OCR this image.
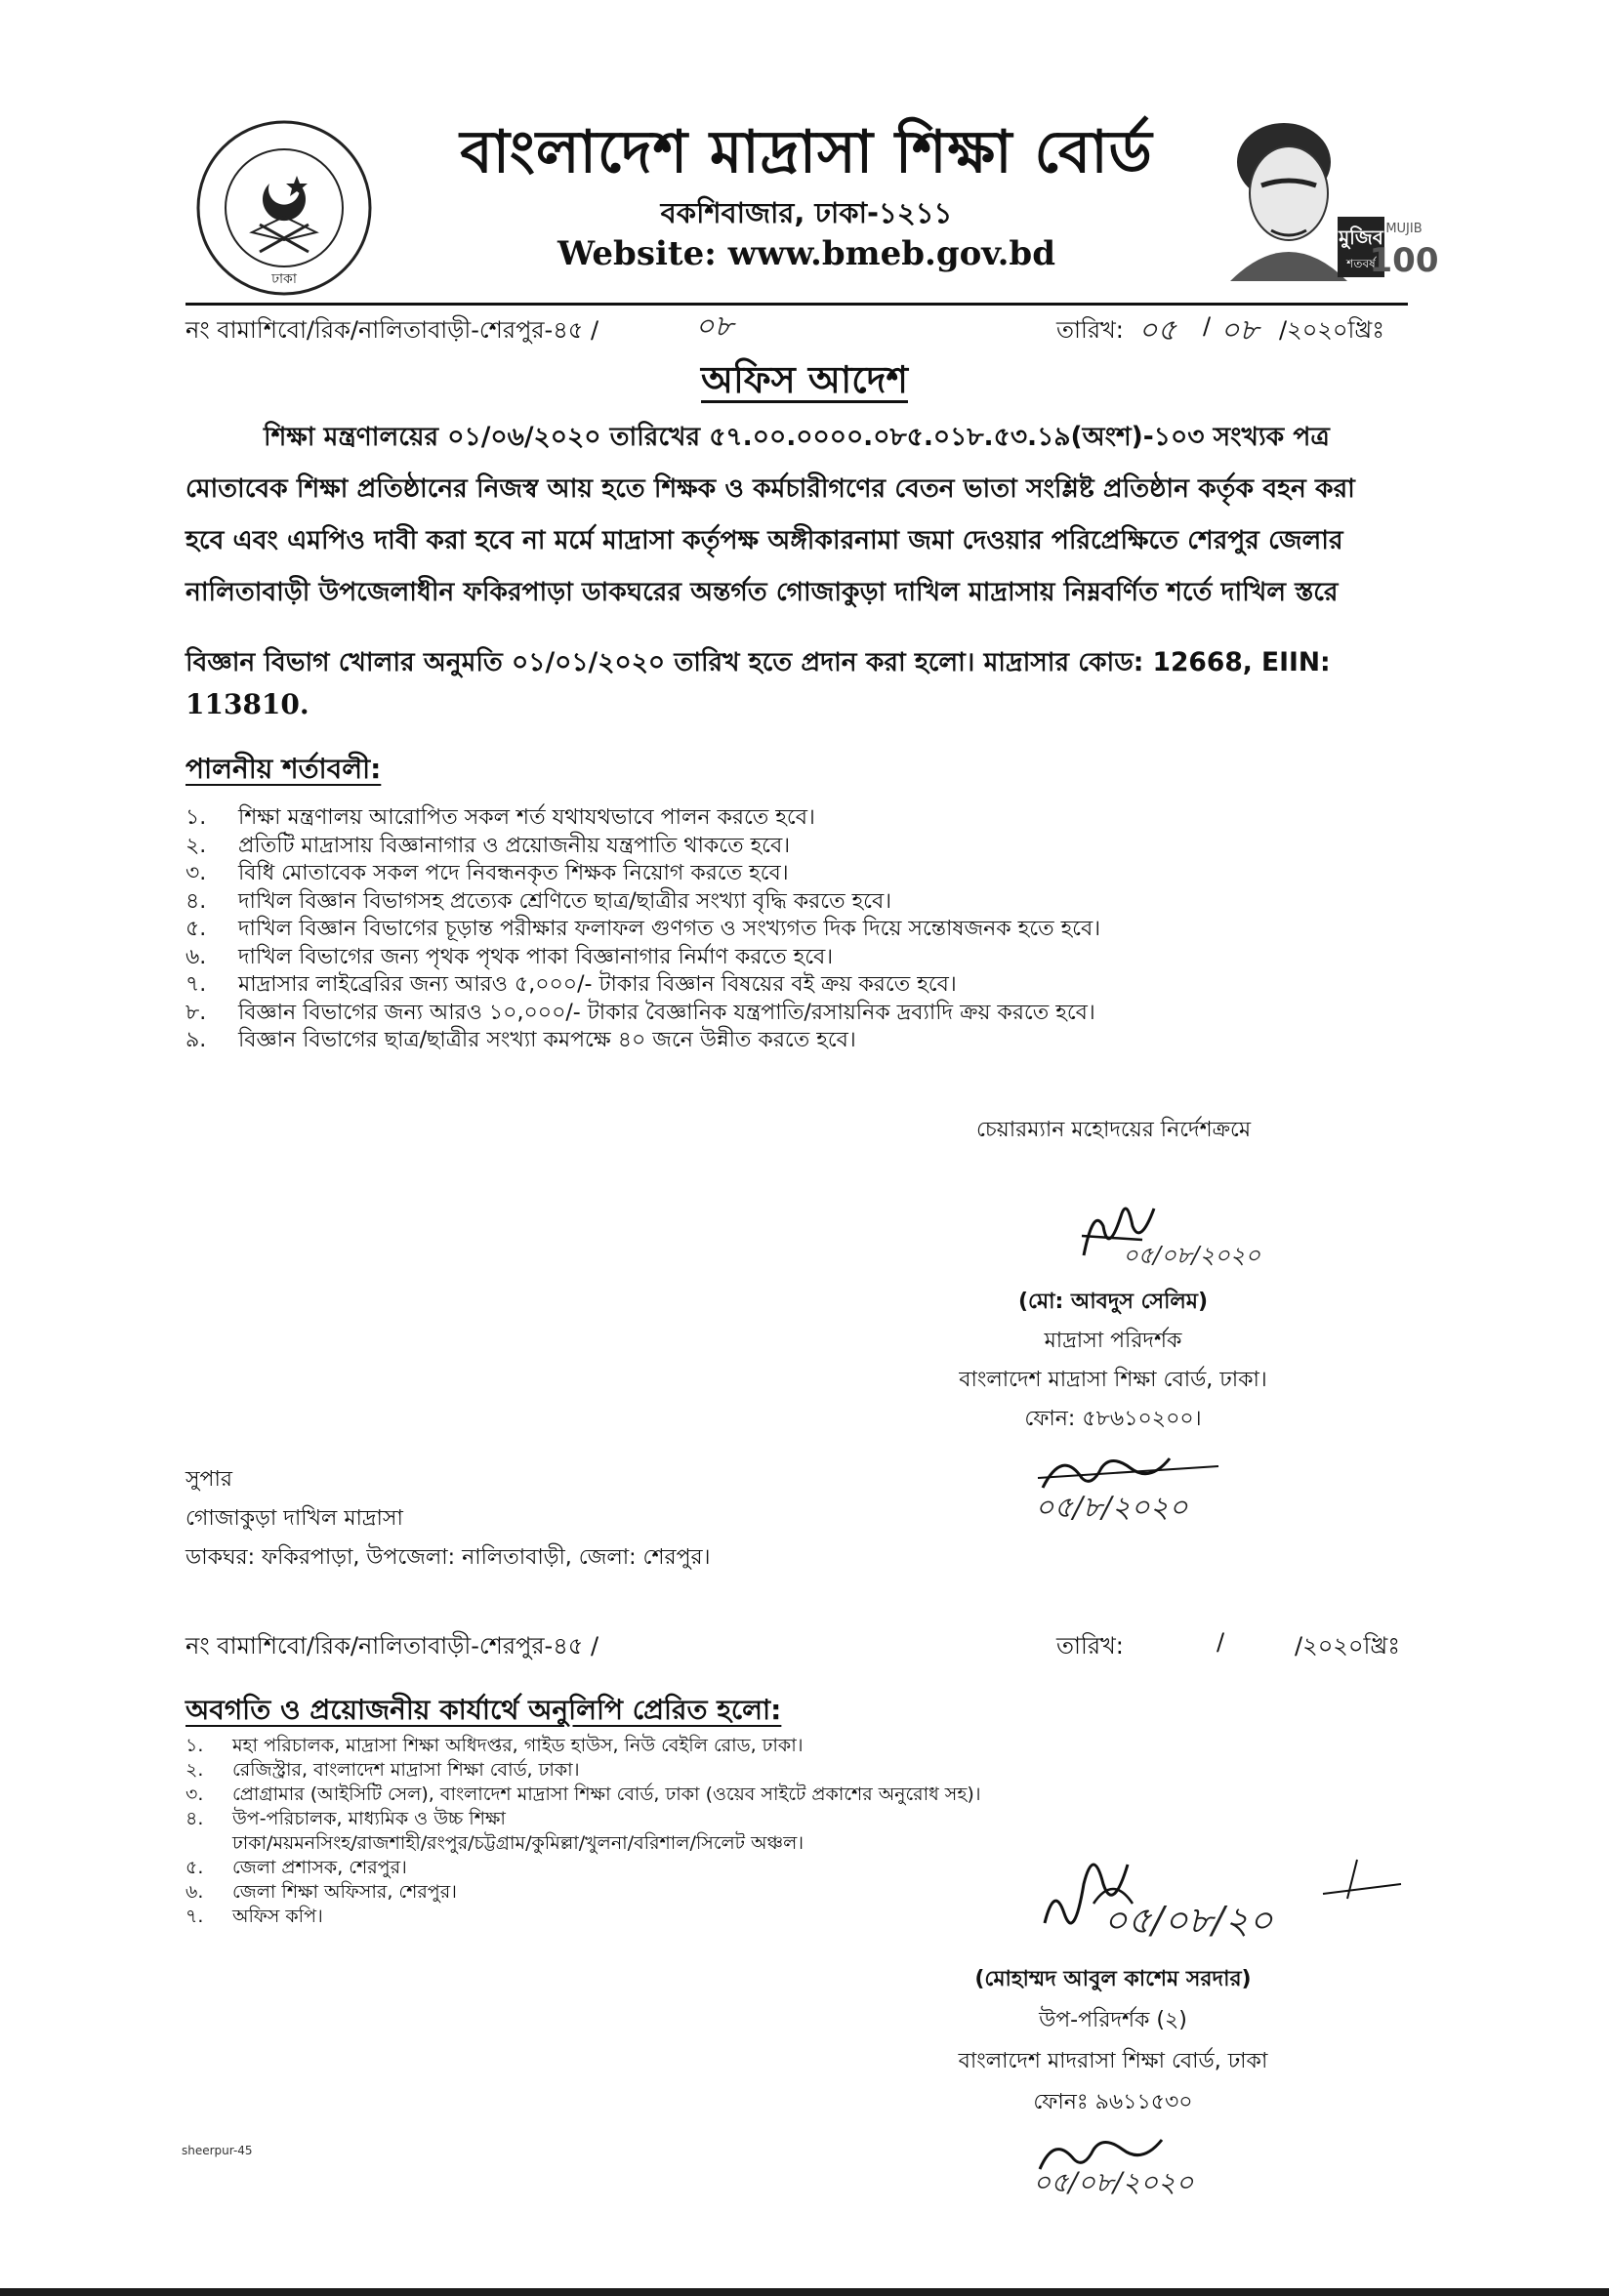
ঢাকা
বাংলাদেশ মাদ্রাসা শিক্ষা বোর্ড
বকশিবাজার, ঢাকা-১২১১
Website: www.bmeb.gov.bd	মুজিব
শতবর্ষ
MUJIB
100
নং বামাশিবো/রিক/নালিতাবাড়ী-শেরপুর-৪৫ /	০৮	তারিখ: ০৫ / ০৮ /২০২০খ্রিঃ
অফিস আদেশ
শিক্ষা মন্ত্রণালয়ের ০১/০৬/২০২০ তারিখের ৫৭.০০.০০০০.০৮৫.০১৮.৫৩.১৯(অংশ)-১০৩ সংখ্যক পত্র
মোতাবেক শিক্ষা প্রতিষ্ঠানের নিজস্ব আয় হতে শিক্ষক ও কর্মচারীগণের বেতন ভাতা সংশ্লিষ্ট প্রতিষ্ঠান কর্তৃক বহন করা
হবে এবং এমপিও দাবী করা হবে না মর্মে মাদ্রাসা কর্তৃপক্ষ অঙ্গীকারনামা জমা দেওয়ার পরিপ্রেক্ষিতে শেরপুর জেলার
নালিতাবাড়ী উপজেলাধীন ফকিরপাড়া ডাকঘরের অন্তর্গত গোজাকুড়া দাখিল মাদ্রাসায় নিম্নবর্ণিত শর্তে দাখিল স্তরে
বিজ্ঞান বিভাগ খোলার অনুমতি ০১/০১/২০২০ তারিখ হতে প্রদান করা হলো। মাদ্রাসার কোড: 12668, EIIN:
113810.
পালনীয় শর্তাবলী:
১. শিক্ষা মন্ত্রণালয় আরোপিত সকল শর্ত যথাযথভাবে পালন করতে হবে।
২. প্রতিটি মাদ্রাসায় বিজ্ঞানাগার ও প্রয়োজনীয় যন্ত্রপাতি থাকতে হবে।
৩. বিধি মোতাবেক সকল পদে নিবন্ধনকৃত শিক্ষক নিয়োগ করতে হবে।
৪. দাখিল বিজ্ঞান বিভাগসহ প্রত্যেক শ্রেণিতে ছাত্র/ছাত্রীর সংখ্যা বৃদ্ধি করতে হবে।
৫. দাখিল বিজ্ঞান বিভাগের চূড়ান্ত পরীক্ষার ফলাফল গুণগত ও সংখ্যগত দিক দিয়ে সন্তোষজনক হতে হবে।
৬. দাখিল বিভাগের জন্য পৃথক পৃথক পাকা বিজ্ঞানাগার নির্মাণ করতে হবে।
৭. মাদ্রাসার লাইব্রেরির জন্য আরও ৫,০০০/- টাকার বিজ্ঞান বিষয়ের বই ক্রয় করতে হবে।
৮. বিজ্ঞান বিভাগের জন্য আরও ১০,০০০/- টাকার বৈজ্ঞানিক যন্ত্রপাতি/রসায়নিক দ্রব্যাদি ক্রয় করতে হবে।
৯. বিজ্ঞান বিভাগের ছাত্র/ছাত্রীর সংখ্যা কমপক্ষে ৪০ জনে উন্নীত করতে হবে।
চেয়ারম্যান মহোদয়ের নির্দেশক্রমে
০৫/০৮/২০২০
(মো: আবদুস সেলিম)
মাদ্রাসা পরিদর্শক
বাংলাদেশ মাদ্রাসা শিক্ষা বোর্ড, ঢাকা।
ফোন: ৫৮৬১০২০০।
০৫/৮/২০২০
সুপার
গোজাকুড়া দাখিল মাদ্রাসা
ডাকঘর: ফকিরপাড়া, উপজেলা: নালিতাবাড়ী, জেলা: শেরপুর।
নং বামাশিবো/রিক/নালিতাবাড়ী-শেরপুর-৪৫ /	তারিখ:	/	/২০২০খ্রিঃ
অবগতি ও প্রয়োজনীয় কার্যার্থে অনুলিপি প্রেরিত হলো:
১. মহা পরিচালক, মাদ্রাসা শিক্ষা অধিদপ্তর, গাইড হাউস, নিউ বেইলি রোড, ঢাকা।
২. রেজিস্ট্রার, বাংলাদেশ মাদ্রাসা শিক্ষা বোর্ড, ঢাকা।
৩. প্রোগ্রামার (আইসিটি সেল), বাংলাদেশ মাদ্রাসা শিক্ষা বোর্ড, ঢাকা (ওয়েব সাইটে প্রকাশের অনুরোধ সহ)।
৪. উপ-পরিচালক, মাধ্যমিক ও উচ্চ শিক্ষা
ঢাকা/ময়মনসিংহ/রাজশাহী/রংপুর/চট্টগ্রাম/কুমিল্লা/খুলনা/বরিশাল/সিলেট অঞ্চল।
৫. জেলা প্রশাসক, শেরপুর।
৬. জেলা শিক্ষা অফিসার, শেরপুর।
৭. অফিস কপি।	০৫/০৮/২০
(মোহাম্মদ আবুল কাশেম সরদার)
উপ-পরিদর্শক (২)
বাংলাদেশ মাদরাসা শিক্ষা বোর্ড, ঢাকা
ফোনঃ ৯৬১১৫৩০
০৫/০৮/২০২০
sheerpur-45
